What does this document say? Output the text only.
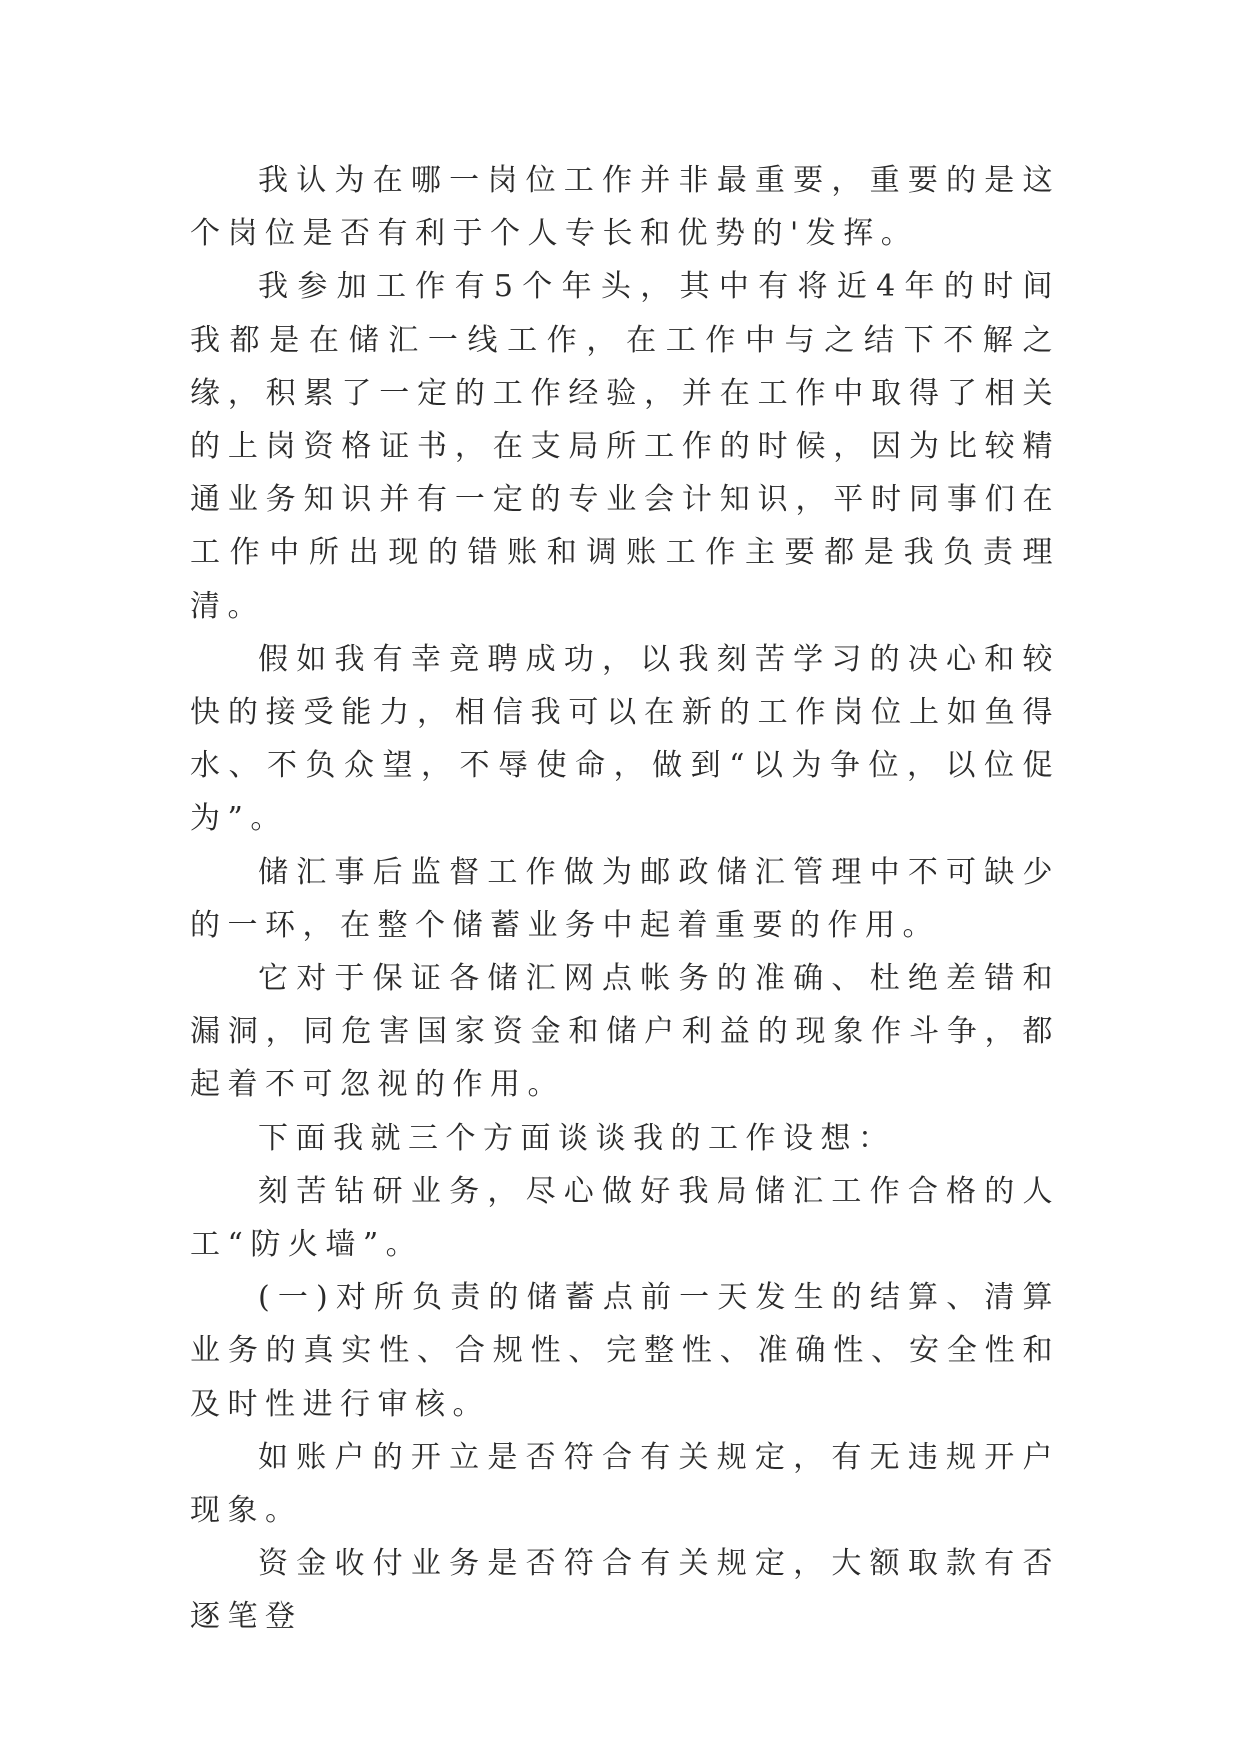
我认为在哪一岗位工作并非最重要，重要的是这个岗位是否有利于个人专长和优势的'发挥。

我参加工作有5个年头，其中有将近4年的时间我都是在储汇一线工作，在工作中与之结下不解之缘，积累了一定的工作经验，并在工作中取得了相关的上岗资格证书，在支局所工作的时候，因为比较精通业务知识并有一定的专业会计知识，平时同事们在工作中所出现的错账和调账工作主要都是我负责理清。

假如我有幸竞聘成功，以我刻苦学习的决心和较快的接受能力，相信我可以在新的工作岗位上如鱼得水、不负众望，不辱使命，做到“以为争位，以位促为”。

储汇事后监督工作做为邮政储汇管理中不可缺少的一环，在整个储蓄业务中起着重要的作用。

它对于保证各储汇网点帐务的准确、杜绝差错和漏洞，同危害国家资金和储户利益的现象作斗争，都起着不可忽视的作用。

下面我就三个方面谈谈我的工作设想：

刻苦钻研业务，尽心做好我局储汇工作合格的人工“防火墙”。

(一)对所负责的储蓄点前一天发生的结算、清算业务的真实性、合规性、完整性、准确性、安全性和及时性进行审核。

如账户的开立是否符合有关规定，有无违规开户现象。

资金收付业务是否符合有关规定，大额取款有否逐笔登
